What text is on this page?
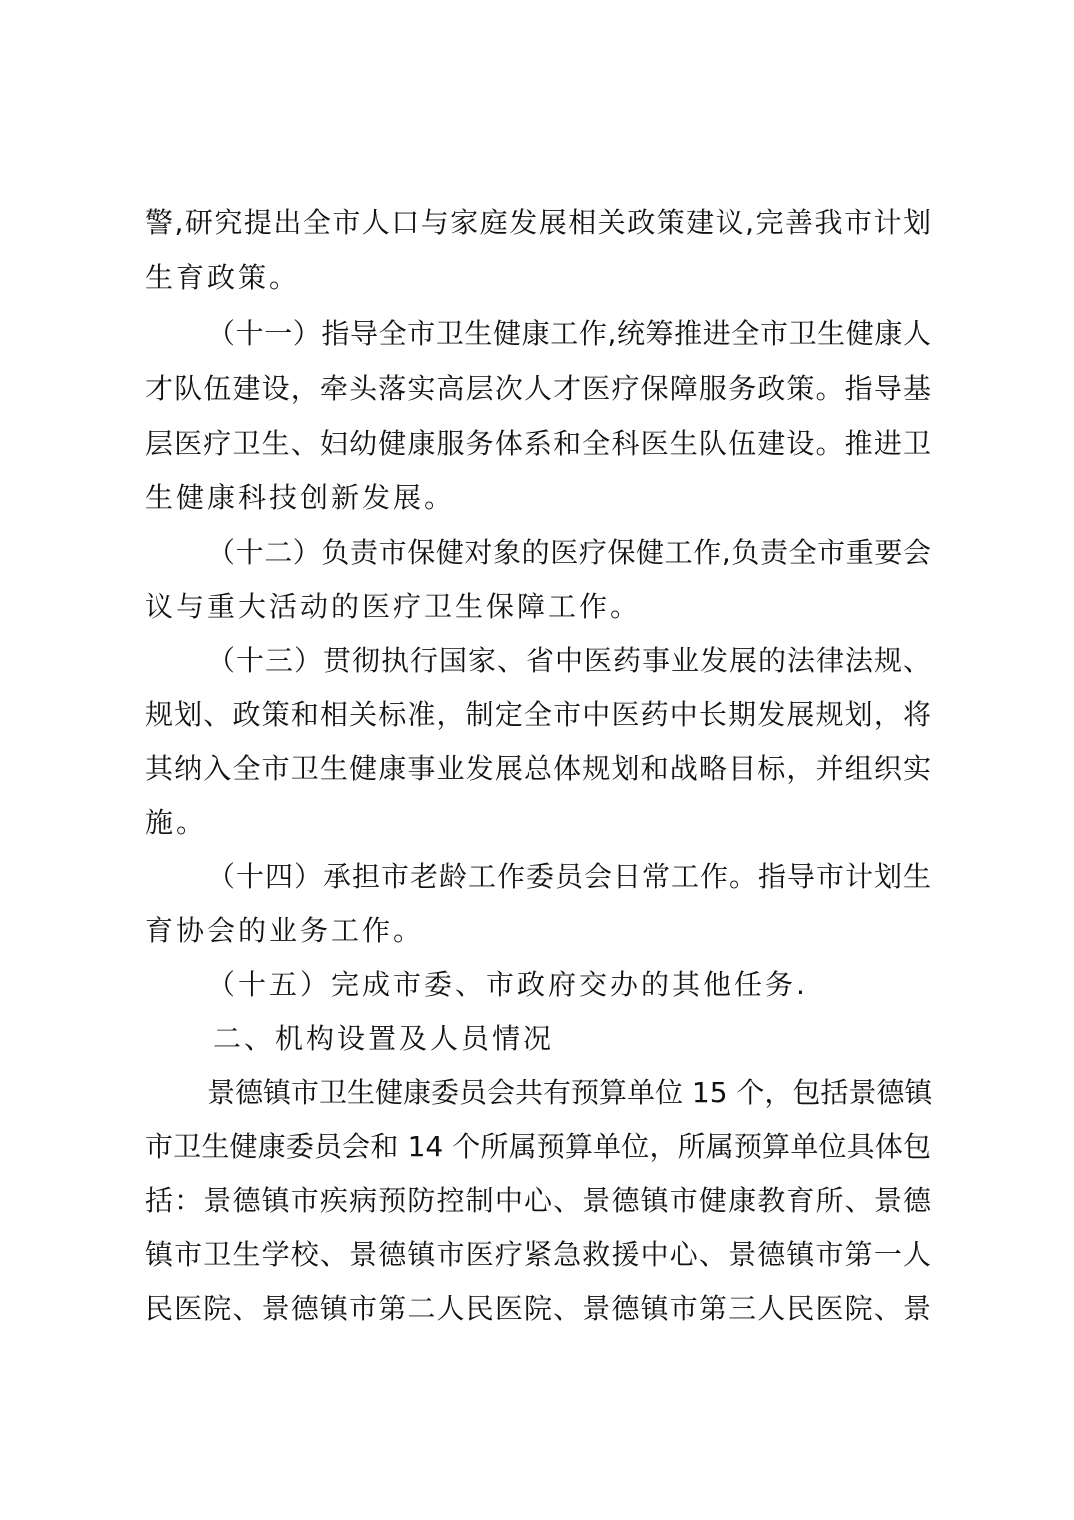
警,研究提出全市人口与家庭发展相关政策建议,完善我市计划
生育政策。
（十一）指导全市卫生健康工作,统筹推进全市卫生健康人
才队伍建设，牵头落实高层次人才医疗保障服务政策。指导基
层医疗卫生、妇幼健康服务体系和全科医生队伍建设。推进卫
生健康科技创新发展。
（十二）负责市保健对象的医疗保健工作,负责全市重要会
议与重大活动的医疗卫生保障工作。
（十三）贯彻执行国家、省中医药事业发展的法律法规、
规划、政策和相关标准，制定全市中医药中长期发展规划，将
其纳入全市卫生健康事业发展总体规划和战略目标，并组织实
施。
（十四）承担市老龄工作委员会日常工作。指导市计划生
育协会的业务工作。
（十五）完成市委、市政府交办的其他任务.
二、机构设置及人员情况
景德镇市卫生健康委员会共有预算单位 15 个，包括景德镇
市卫生健康委员会和 14 个所属预算单位，所属预算单位具体包
括：景德镇市疾病预防控制中心、景德镇市健康教育所、景德
镇市卫生学校、景德镇市医疗紧急救援中心、景德镇市第一人
民医院、景德镇市第二人民医院、景德镇市第三人民医院、景
